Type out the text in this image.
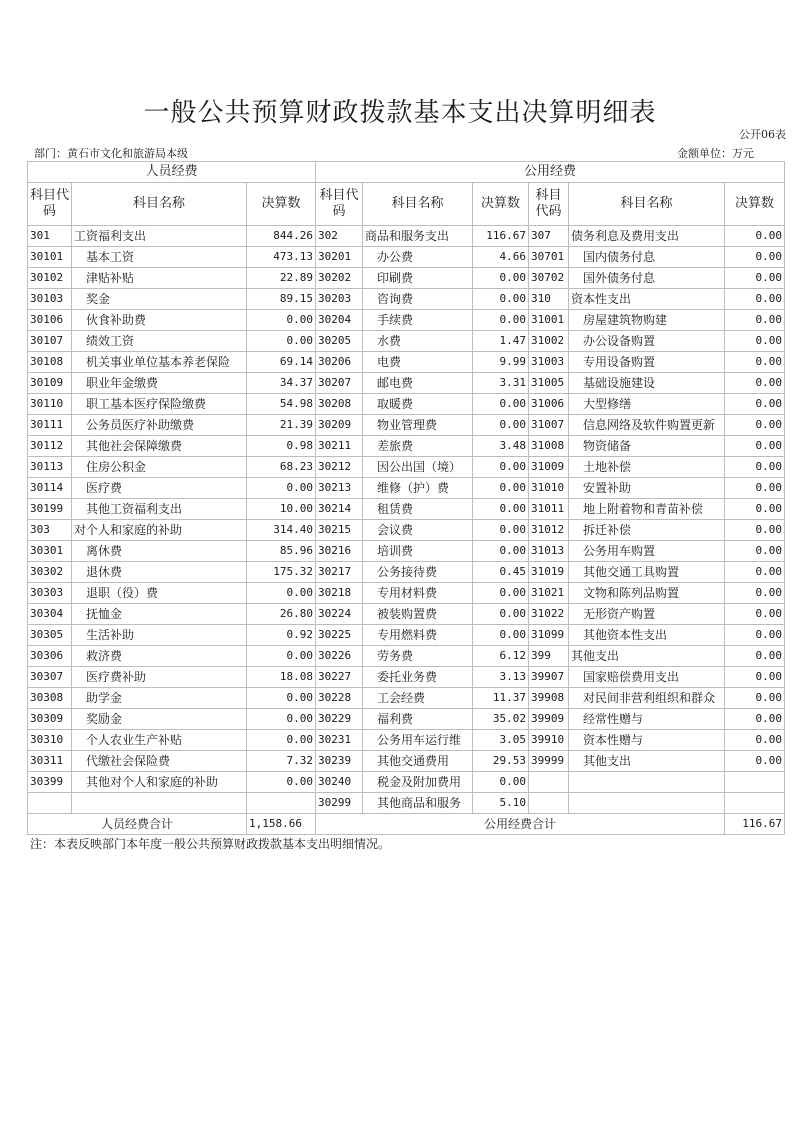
一般公共预算财政拨款基本支出决算明细表
公开06表
部门：黄石市文化和旅游局本级	金额单位：万元
人员经费			公用经费					
科目代码	科目名称	决算数	科目代码	科目名称	决算数	科目代码	科目名称	决算数
301	工资福利支出	844.26	302	商品和服务支出	116.67	307	债务利息及费用支出	0.00
30101	基本工资	473.13	30201	办公费	4.66	30701	国内债务付息	0.00
30102	津贴补贴	22.89	30202	印刷费	0.00	30702	国外债务付息	0.00
30103	奖金	89.15	30203	咨询费	0.00	310	资本性支出	0.00
30106	伙食补助费	0.00	30204	手续费	0.00	31001	房屋建筑物购建	0.00
30107	绩效工资	0.00	30205	水费	1.47	31002	办公设备购置	0.00
30108	机关事业单位基本养老保险	69.14	30206	电费	9.99	31003	专用设备购置	0.00
30109	职业年金缴费	34.37	30207	邮电费	3.31	31005	基础设施建设	0.00
30110	职工基本医疗保险缴费	54.98	30208	取暖费	0.00	31006	大型修缮	0.00
30111	公务员医疗补助缴费	21.39	30209	物业管理费	0.00	31007	信息网络及软件购置更新	0.00
30112	其他社会保障缴费	0.98	30211	差旅费	3.48	31008	物资储备	0.00
30113	住房公积金	68.23	30212	因公出国（境）	0.00	31009	土地补偿	0.00
30114	医疗费	0.00	30213	维修（护）费	0.00	31010	安置补助	0.00
30199	其他工资福利支出	10.00	30214	租赁费	0.00	31011	地上附着物和青苗补偿	0.00
303	对个人和家庭的补助	314.40	30215	会议费	0.00	31012	拆迁补偿	0.00
30301	离休费	85.96	30216	培训费	0.00	31013	公务用车购置	0.00
30302	退休费	175.32	30217	公务接待费	0.45	31019	其他交通工具购置	0.00
30303	退职（役）费	0.00	30218	专用材料费	0.00	31021	文物和陈列品购置	0.00
30304	抚恤金	26.80	30224	被装购置费	0.00	31022	无形资产购置	0.00
30305	生活补助	0.92	30225	专用燃料费	0.00	31099	其他资本性支出	0.00
30306	救济费	0.00	30226	劳务费	6.12	399	其他支出	0.00
30307	医疗费补助	18.08	30227	委托业务费	3.13	39907	国家赔偿费用支出	0.00
30308	助学金	0.00	30228	工会经费	11.37	39908	对民间非营利组织和群众	0.00
30309	奖励金	0.00	30229	福利费	35.02	39909	经常性赠与	0.00
30310	个人农业生产补贴	0.00	30231	公务用车运行维	3.05	39910	资本性赠与	0.00
30311	代缴社会保险费	7.32	30239	其他交通费用	29.53	39999	其他支出	0.00
30399	其他对个人和家庭的补助	0.00	30240	税金及附加费用	0.00			
			30299	其他商品和服务	5.10			
人员经费合计		1,158.66	公用经费合计					116.67
注：本表反映部门本年度一般公共预算财政拨款基本支出明细情况。
